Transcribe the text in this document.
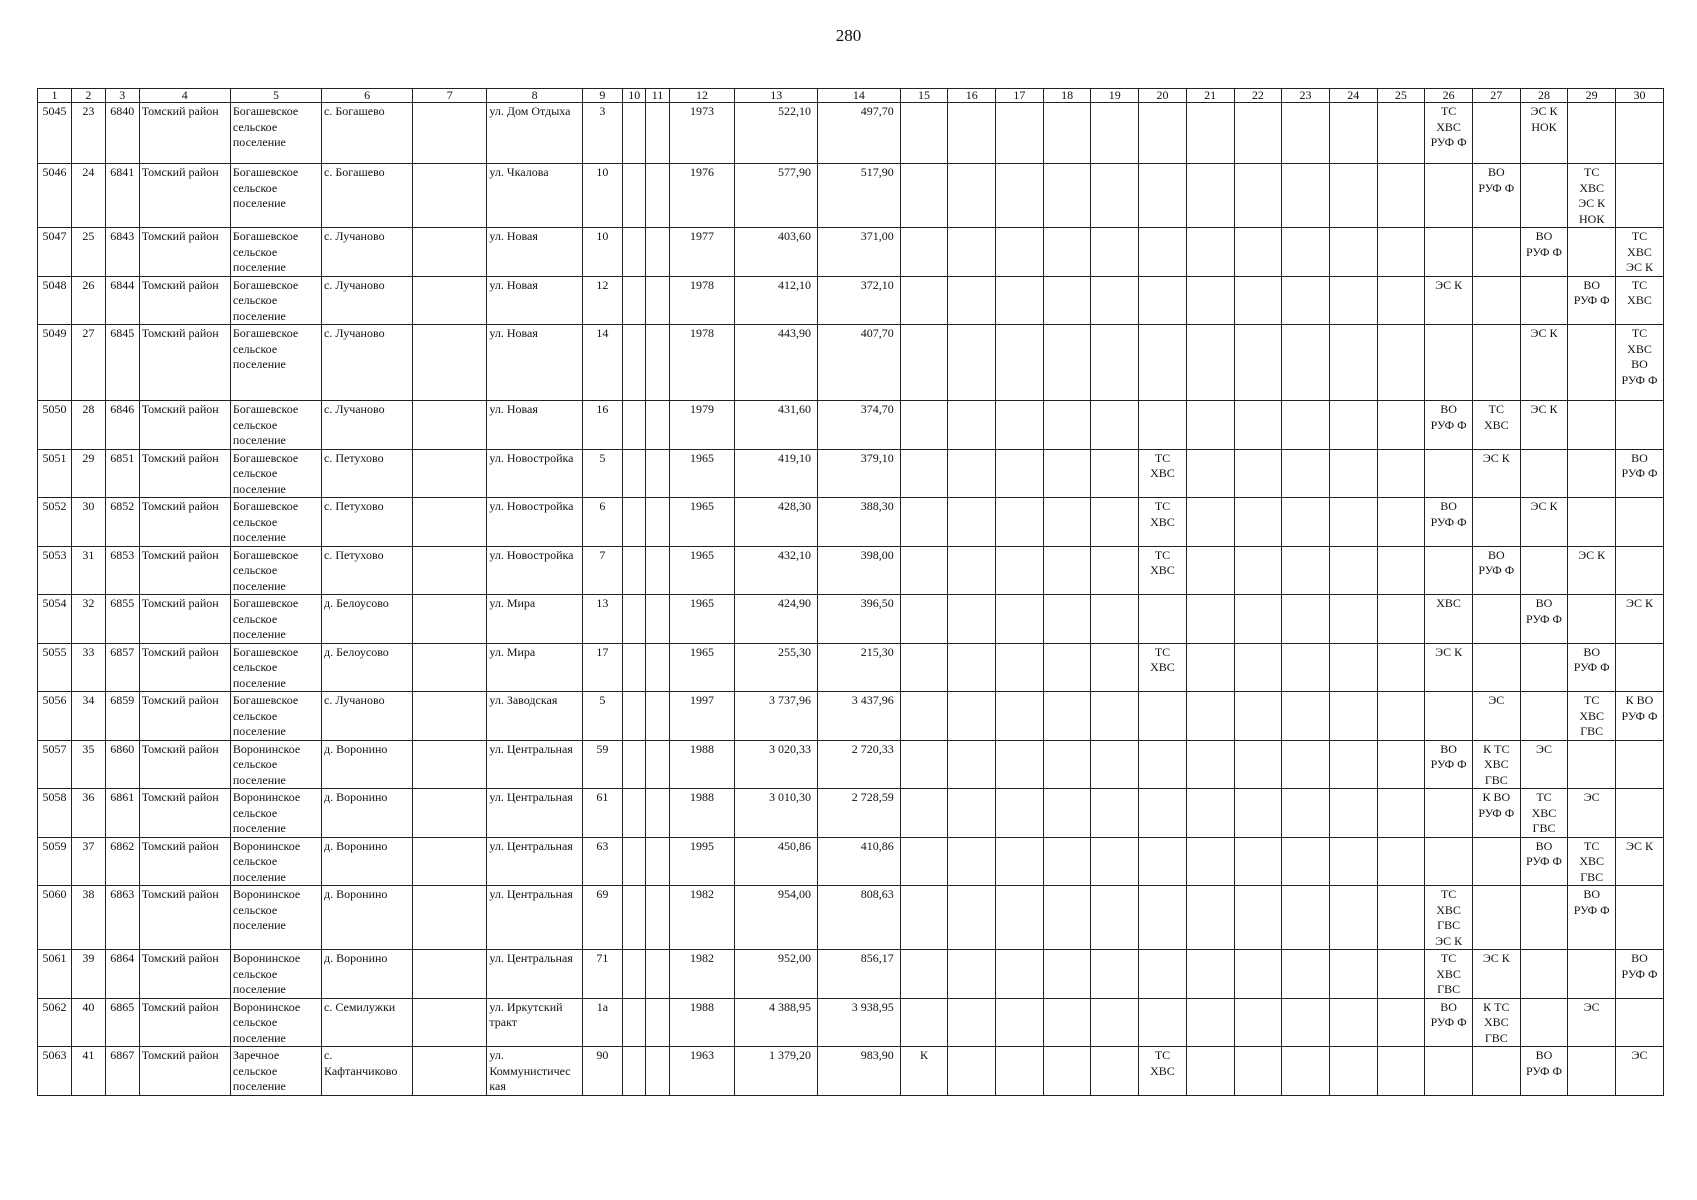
280
1	2	3	4	5	6	7	8	9	10	11	12	13	14	15	16	17	18	19	20	21	22	23	24	25	26	27	28	29	30
5045	23	6840	Томский район	Богашевское
сельское
поселение	с. Богашево		ул. Дом Отдыха	3			1973	522,10	497,70												ТС
ХВС
РУФ Ф		ЭС К
НОК		
5046	24	6841	Томский район	Богашевское
сельское
поселение	с. Богашево		ул. Чкалова	10			1976	577,90	517,90													ВО
РУФ Ф		ТС
ХВС
ЭС К
НОК	
5047	25	6843	Томский район	Богашевское
сельское
поселение	с. Лучаново		ул. Новая	10			1977	403,60	371,00														ВО
РУФ Ф		ТС
ХВС
ЭС К
5048	26	6844	Томский район	Богашевское
сельское
поселение	с. Лучаново		ул. Новая	12			1978	412,10	372,10												ЭС К			ВО
РУФ Ф	ТС
ХВС
5049	27	6845	Томский район	Богашевское
сельское
поселение	с. Лучаново		ул. Новая	14			1978	443,90	407,70														ЭС К		ТС
ХВС
ВО
РУФ Ф
5050	28	6846	Томский район	Богашевское
сельское
поселение	с. Лучаново		ул. Новая	16			1979	431,60	374,70												ВО
РУФ Ф	ТС
ХВС	ЭС К		
5051	29	6851	Томский район	Богашевское
сельское
поселение	с. Петухово		ул. Новостройка	5			1965	419,10	379,10						ТС
ХВС							ЭС К			ВО
РУФ Ф
5052	30	6852	Томский район	Богашевское
сельское
поселение	с. Петухово		ул. Новостройка	6			1965	428,30	388,30						ТС
ХВС						ВО
РУФ Ф		ЭС К		
5053	31	6853	Томский район	Богашевское
сельское
поселение	с. Петухово		ул. Новостройка	7			1965	432,10	398,00						ТС
ХВС							ВО
РУФ Ф		ЭС К	
5054	32	6855	Томский район	Богашевское
сельское
поселение	д. Белоусово		ул. Мира	13			1965	424,90	396,50												ХВС		ВО
РУФ Ф		ЭС К
5055	33	6857	Томский район	Богашевское
сельское
поселение	д. Белоусово		ул. Мира	17			1965	255,30	215,30						ТС
ХВС						ЭС К			ВО
РУФ Ф	
5056	34	6859	Томский район	Богашевское
сельское
поселение	с. Лучаново		ул. Заводская	5			1997	3 737,96	3 437,96													ЭС		ТС
ХВС
ГВС	К ВО
РУФ Ф
5057	35	6860	Томский район	Воронинское
сельское
поселение	д. Воронино		ул. Центральная	59			1988	3 020,33	2 720,33												ВО
РУФ Ф	К ТС
ХВС
ГВС	ЭС		
5058	36	6861	Томский район	Воронинское
сельское
поселение	д. Воронино		ул. Центральная	61			1988	3 010,30	2 728,59													К ВО
РУФ Ф	ТС
ХВС
ГВС	ЭС	
5059	37	6862	Томский район	Воронинское
сельское
поселение	д. Воронино		ул. Центральная	63			1995	450,86	410,86														ВО
РУФ Ф	ТС
ХВС
ГВС	ЭС К
5060	38	6863	Томский район	Воронинское
сельское
поселение	д. Воронино		ул. Центральная	69			1982	954,00	808,63												ТС
ХВС
ГВС
ЭС К			ВО
РУФ Ф	
5061	39	6864	Томский район	Воронинское
сельское
поселение	д. Воронино		ул. Центральная	71			1982	952,00	856,17												ТС
ХВС
ГВС	ЭС К			ВО
РУФ Ф
5062	40	6865	Томский район	Воронинское
сельское
поселение	с. Семилужки		ул. Иркутский
тракт	1а			1988	4 388,95	3 938,95												ВО
РУФ Ф	К ТС
ХВС
ГВС		ЭС	
5063	41	6867	Томский район	Заречное
сельское
поселение	с.
Кафтанчиково		ул.
Коммунистичес
кая	90			1963	1 379,20	983,90	К					ТС
ХВС								ВО
РУФ Ф		ЭС
